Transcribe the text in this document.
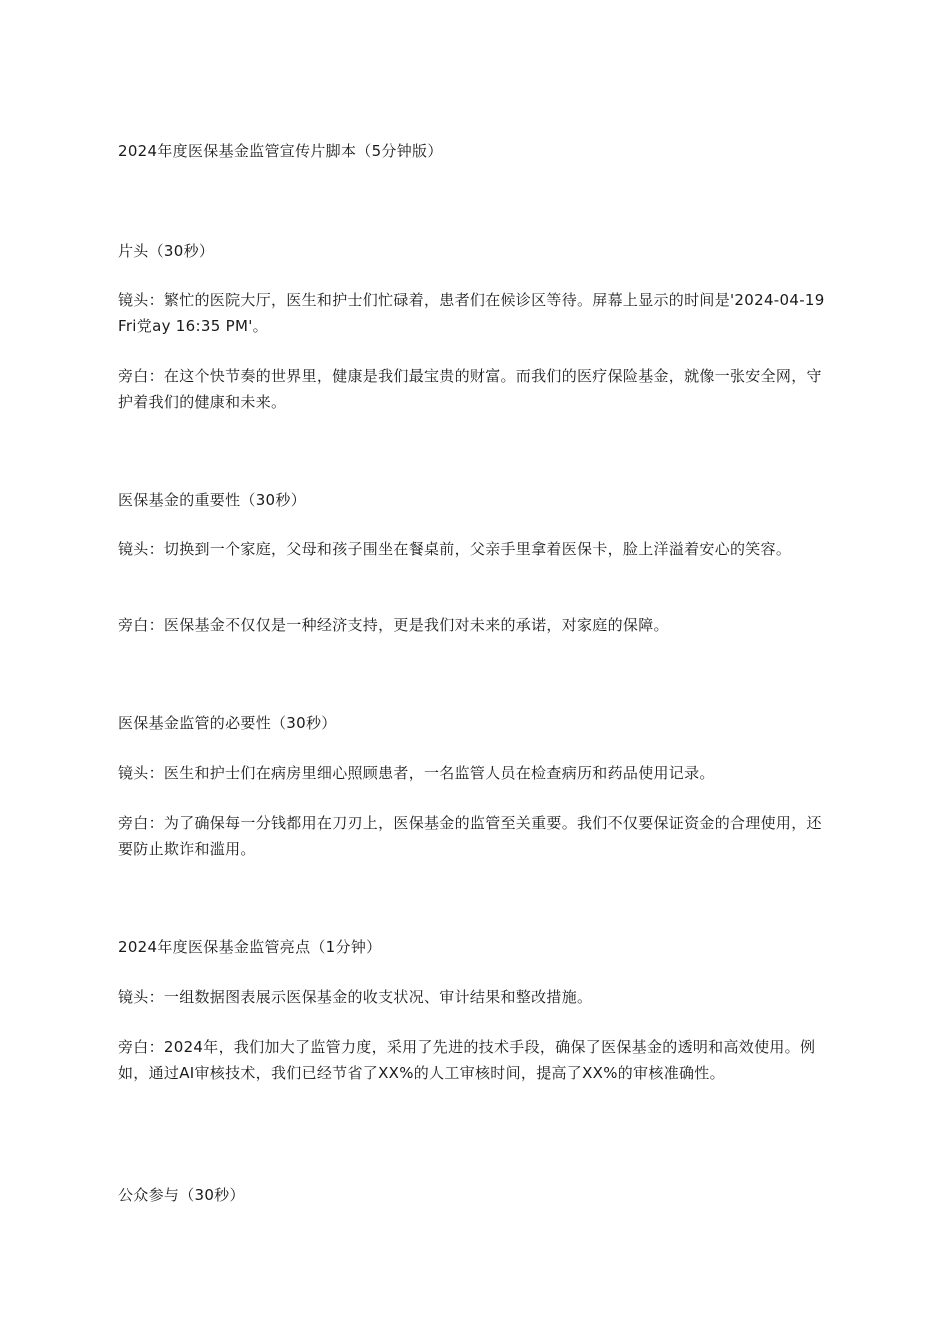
2024年度医保基金监管宣传片脚本（5分钟版）

片头（30秒）

镜头：繁忙的医院大厅，医生和护士们忙碌着，患者们在候诊区等待。屏幕上显示的时间是'2024-04-19 Fri党ay 16:35 PM'。

旁白：在这个快节奏的世界里，健康是我们最宝贵的财富。而我们的医疗保险基金，就像一张安全网，守护着我们的健康和未来。

医保基金的重要性（30秒）

镜头：切换到一个家庭，父母和孩子围坐在餐桌前，父亲手里拿着医保卡，脸上洋溢着安心的笑容。

旁白：医保基金不仅仅是一种经济支持，更是我们对未来的承诺，对家庭的保障。

医保基金监管的必要性（30秒）

镜头：医生和护士们在病房里细心照顾患者，一名监管人员在检查病历和药品使用记录。

旁白：为了确保每一分钱都用在刀刃上，医保基金的监管至关重要。我们不仅要保证资金的合理使用，还要防止欺诈和滥用。

2024年度医保基金监管亮点（1分钟）

镜头：一组数据图表展示医保基金的收支状况、审计结果和整改措施。

旁白：2024年，我们加大了监管力度，采用了先进的技术手段，确保了医保基金的透明和高效使用。例如，通过AI审核技术，我们已经节省了XX%的人工审核时间，提高了XX%的审核准确性。

公众参与（30秒）
